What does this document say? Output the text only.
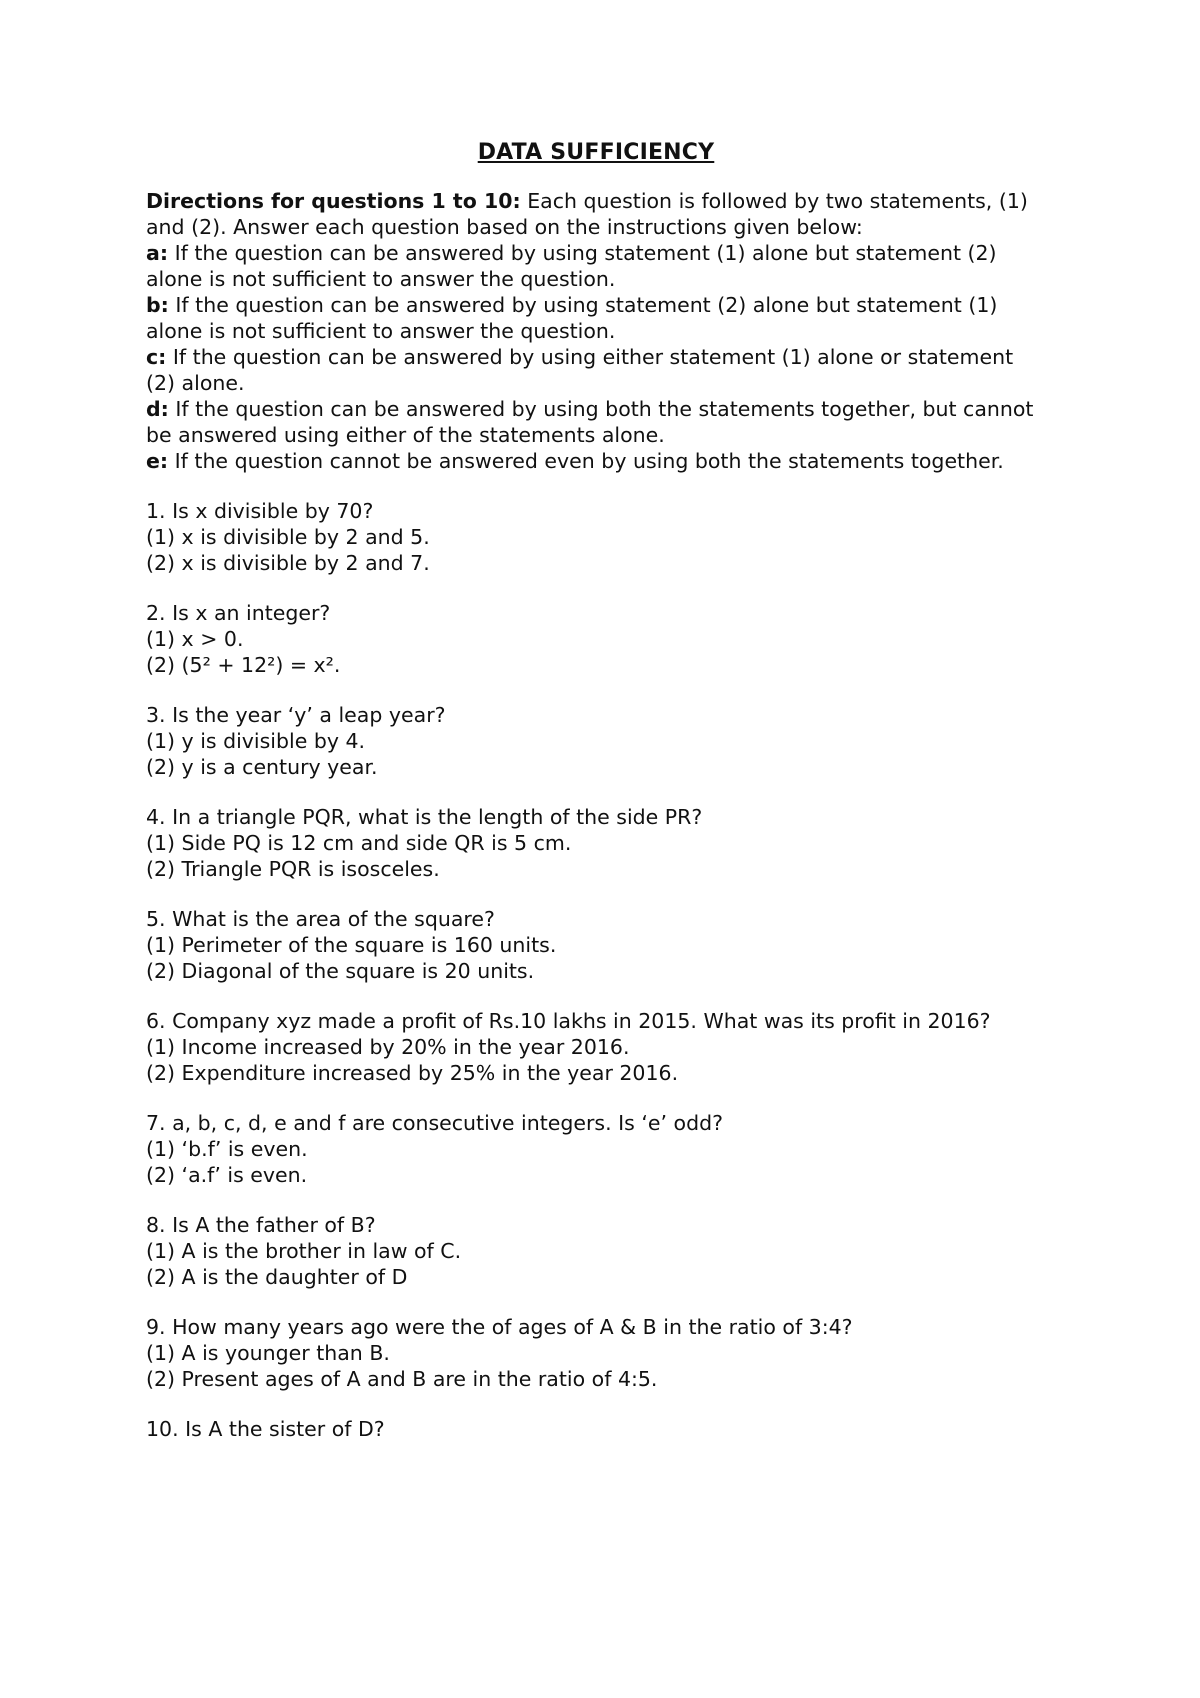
DATA SUFFICIENCY

Directions for questions 1 to 10: Each question is followed by two statements, (1) and (2). Answer each question based on the instructions given below:

a: If the question can be answered by using statement (1) alone but statement (2) alone is not sufficient to answer the question.

b: If the question can be answered by using statement (2) alone but statement (1) alone is not sufficient to answer the question.

c: If the question can be answered by using either statement (1) alone or statement (2) alone.

d: If the question can be answered by using both the statements together, but cannot be answered using either of the statements alone.

e: If the question cannot be answered even by using both the statements together.

1. Is x divisible by 70?

(1) x is divisible by 2 and 5.

(2) x is divisible by 2 and 7.

2. Is x an integer?

(1) x > 0.

(2) (5² + 12²) = x².

3. Is the year ‘y’ a leap year?

(1) y is divisible by 4.

(2) y is a century year.

4. In a triangle PQR, what is the length of the side PR?

(1) Side PQ is 12 cm and side QR is 5 cm.

(2) Triangle PQR is isosceles.

5. What is the area of the square?

(1) Perimeter of the square is 160 units.

(2) Diagonal of the square is 20 units.

6. Company xyz made a profit of Rs.10 lakhs in 2015. What was its profit in 2016?

(1) Income increased by 20% in the year 2016.

(2) Expenditure increased by 25% in the year 2016.

7. a, b, c, d, e and f are consecutive integers. Is ‘e’ odd?

(1) ‘b.f’ is even.

(2) ‘a.f’ is even.

8. Is A the father of B?

(1) A is the brother in law of C.

(2) A is the daughter of D

9. How many years ago were the of ages of A & B in the ratio of 3:4?

(1) A is younger than B.

(2) Present ages of A and B are in the ratio of 4:5.

10. Is A the sister of D?
